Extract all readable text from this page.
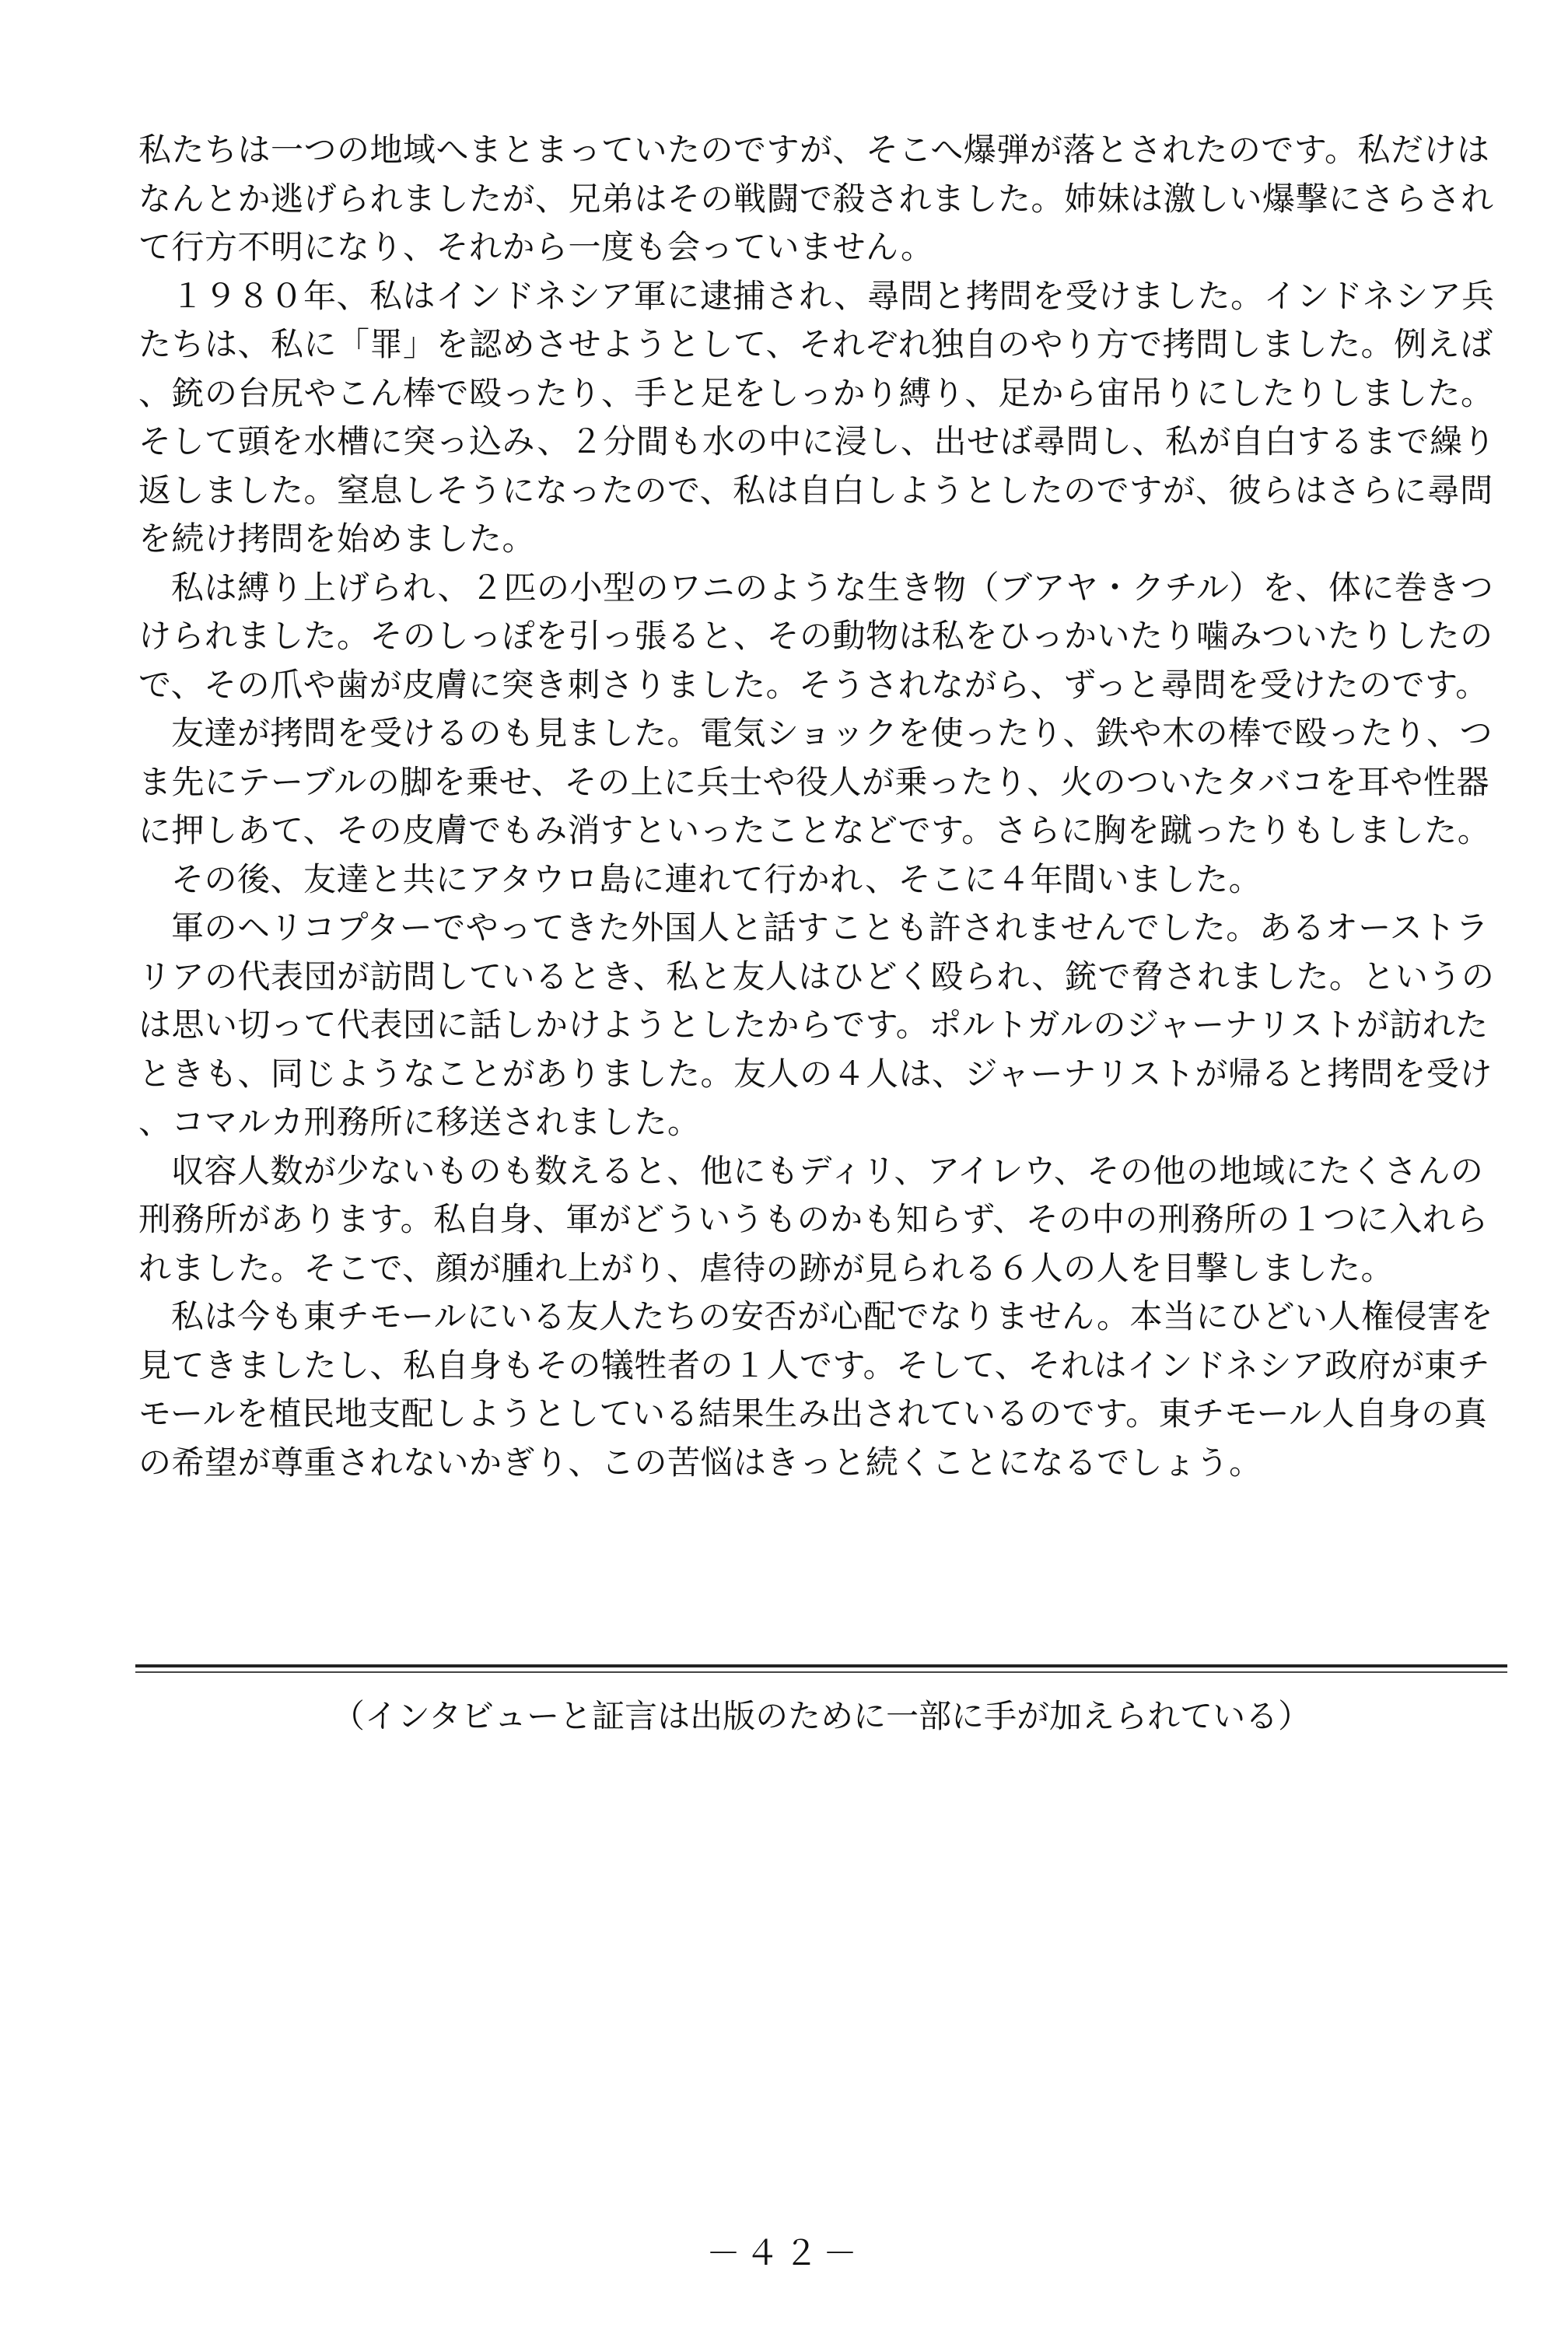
私たちは一つの地域へまとまっていたのですが、そこへ爆弾が落とされたのです。私だけはなんとか逃げられましたが、兄弟はその戦闘で殺されました。姉妹は激しい爆撃にさらされて行方不明になり、それから一度も会っていません。

１９８０年、私はインドネシア軍に逮捕され、尋問と拷問を受けました。インドネシア兵たちは、私に「罪」を認めさせようとして、それぞれ独自のやり方で拷問しました。例えば、銃の台尻やこん棒で殴ったり、手と足をしっかり縛り、足から宙吊りにしたりしました。そして頭を水槽に突っ込み、２分間も水の中に浸し、出せば尋問し、私が自白するまで繰り返しました。窒息しそうになったので、私は自白しようとしたのですが、彼らはさらに尋問を続け拷問を始めました。

私は縛り上げられ、２匹の小型のワニのような生き物（ブアヤ・クチル）を、体に巻きつけられました。そのしっぽを引っ張ると、その動物は私をひっかいたり噛みついたりしたので、その爪や歯が皮膚に突き刺さりました。そうされながら、ずっと尋問を受けたのです。

友達が拷問を受けるのも見ました。電気ショックを使ったり、鉄や木の棒で殴ったり、つま先にテーブルの脚を乗せ、その上に兵士や役人が乗ったり、火のついたタバコを耳や性器に押しあて、その皮膚でもみ消すといったことなどです。さらに胸を蹴ったりもしました。

その後、友達と共にアタウロ島に連れて行かれ、そこに４年間いました。

軍のヘリコプターでやってきた外国人と話すことも許されませんでした。あるオーストラリアの代表団が訪問しているとき、私と友人はひどく殴られ、銃で脅されました。というのは思い切って代表団に話しかけようとしたからです。ポルトガルのジャーナリストが訪れたときも、同じようなことがありました。友人の４人は、ジャーナリストが帰ると拷問を受け、コマルカ刑務所に移送されました。

収容人数が少ないものも数えると、他にもディリ、アイレウ、その他の地域にたくさんの刑務所があります。私自身、軍がどういうものかも知らず、その中の刑務所の１つに入れられました。そこで、顔が腫れ上がり、虐待の跡が見られる６人の人を目撃しました。

私は今も東チモールにいる友人たちの安否が心配でなりません。本当にひどい人権侵害を見てきましたし、私自身もその犠牲者の１人です。そして、それはインドネシア政府が東チモールを植民地支配しようとしている結果生み出されているのです。東チモール人自身の真の希望が尊重されないかぎり、この苦悩はきっと続くことになるでしょう。

（インタビューと証言は出版のために一部に手が加えられている）
－４２－
